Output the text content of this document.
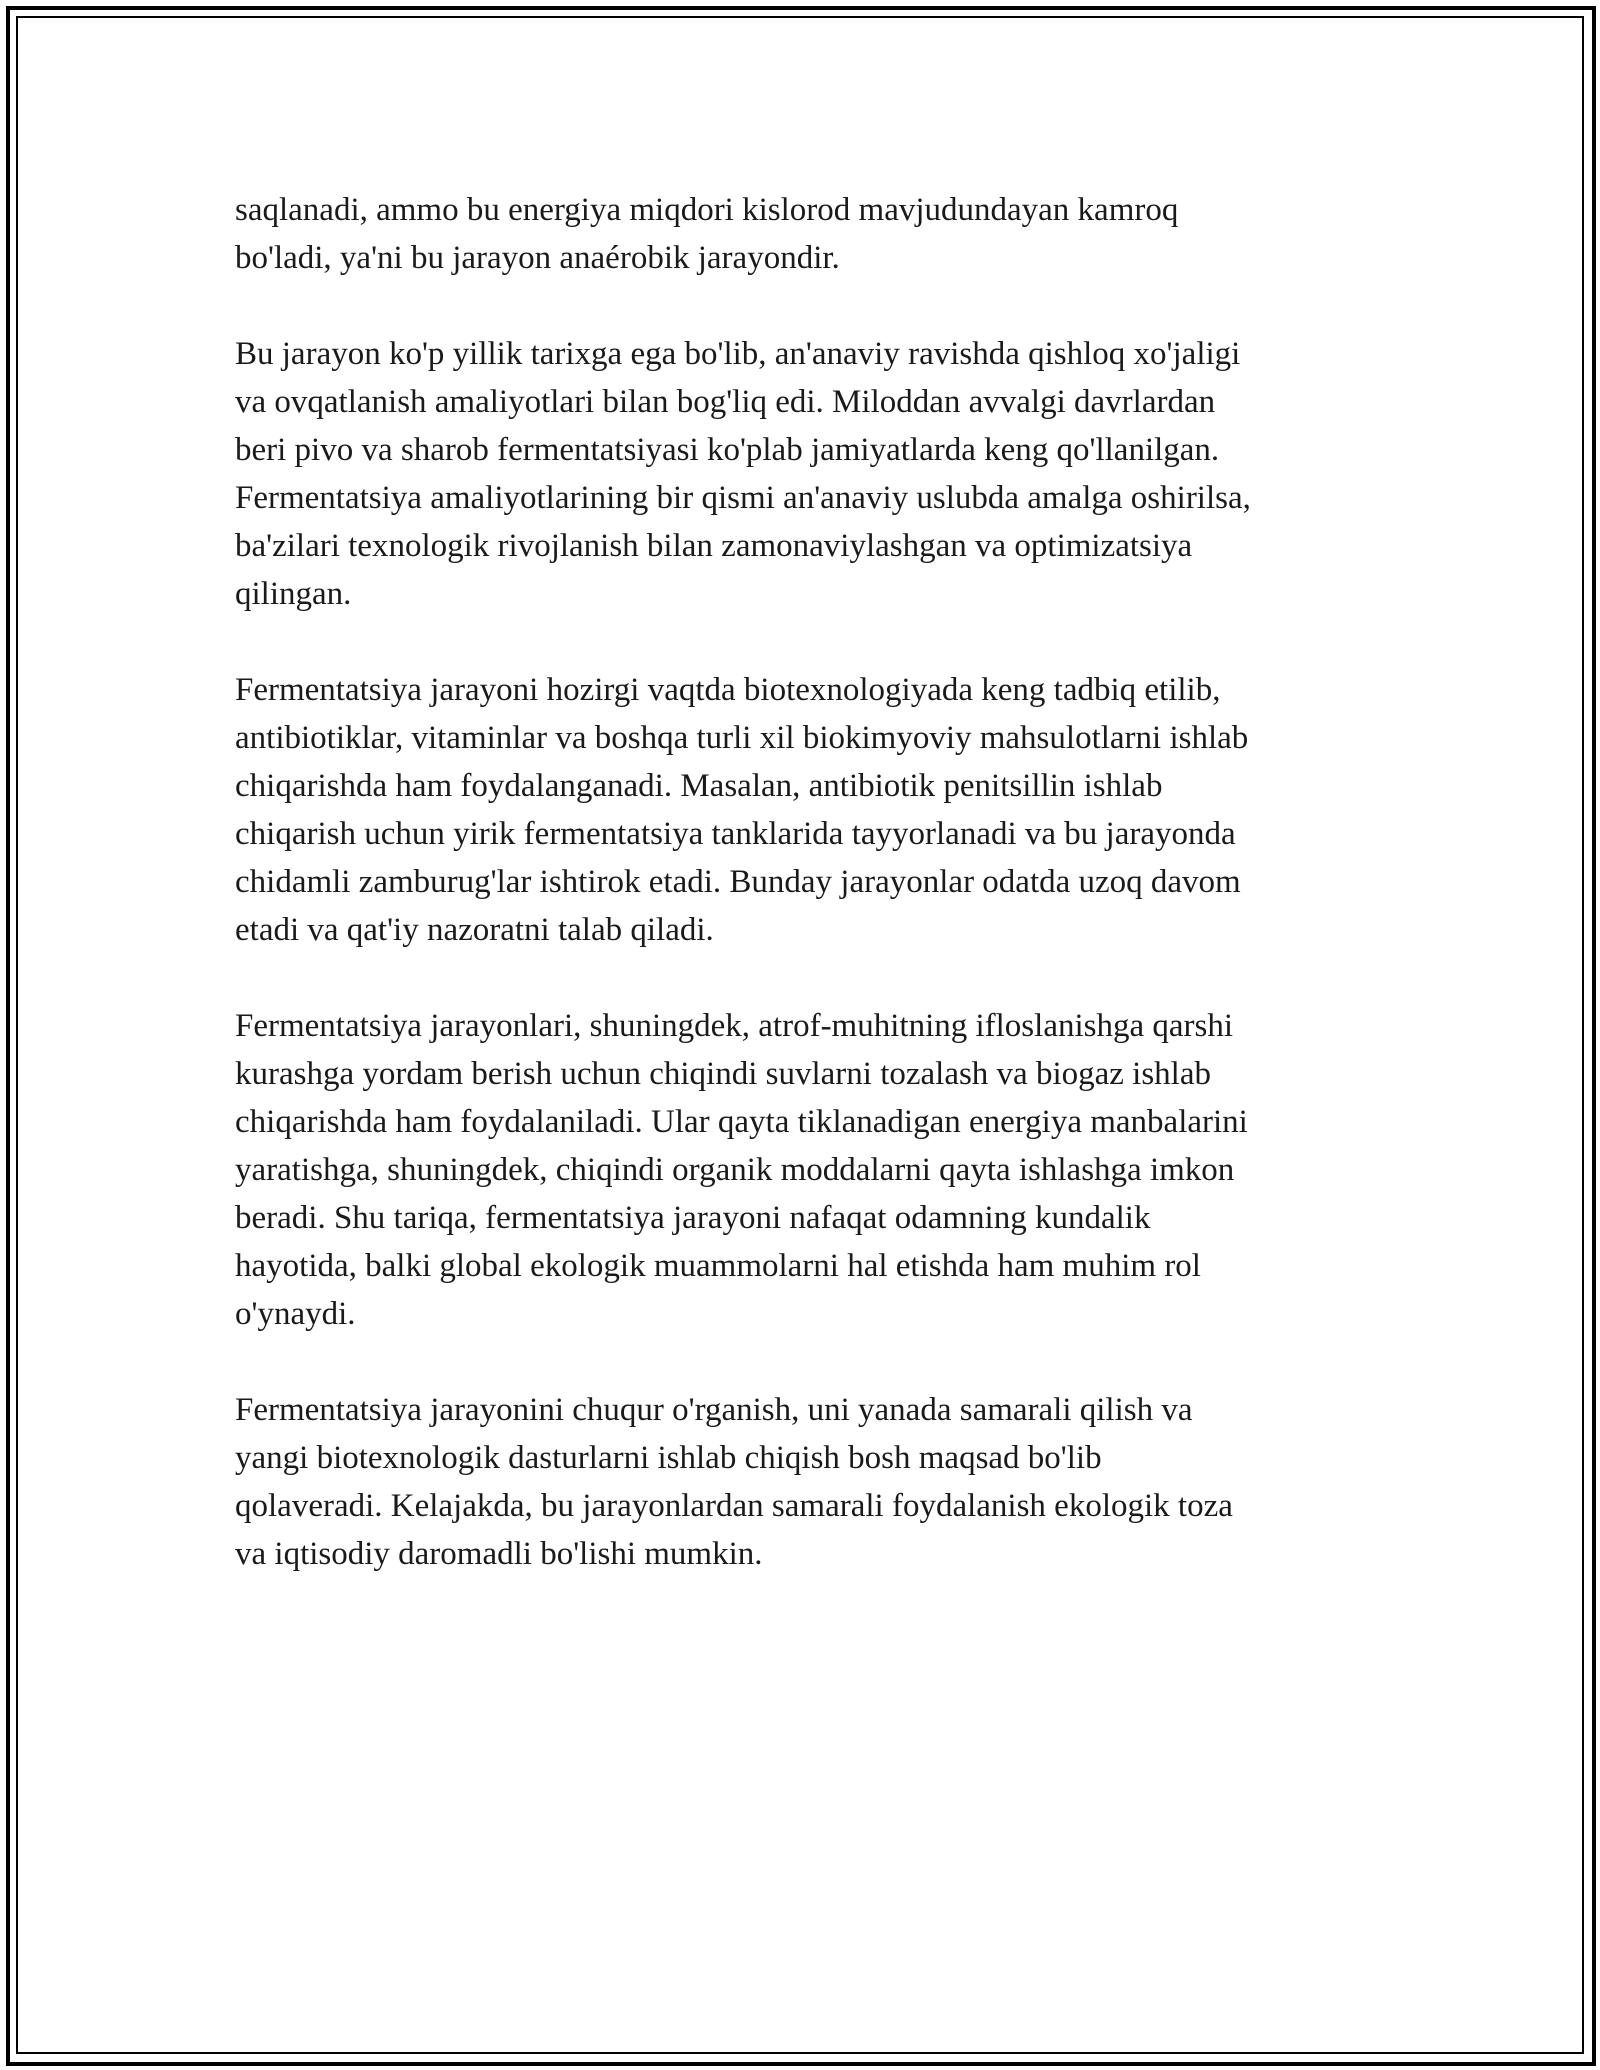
saqlanadi, ammo bu energiya miqdori kislorod mavjudundayan kamroq
bo'ladi, ya'ni bu jarayon anaérobik jarayondir.

Bu jarayon ko'p yillik tarixga ega bo'lib, an'anaviy ravishda qishloq xo'jaligi
va ovqatlanish amaliyotlari bilan bog'liq edi. Miloddan avvalgi davrlardan
beri pivo va sharob fermentatsiyasi ko'plab jamiyatlarda keng qo'llanilgan.
Fermentatsiya amaliyotlarining bir qismi an'anaviy uslubda amalga oshirilsa,
ba'zilari texnologik rivojlanish bilan zamonaviylashgan va optimizatsiya
qilingan.

Fermentatsiya jarayoni hozirgi vaqtda biotexnologiyada keng tadbiq etilib,
antibiotiklar, vitaminlar va boshqa turli xil biokimyoviy mahsulotlarni ishlab
chiqarishda ham foydalanganadi. Masalan, antibiotik penitsillin ishlab
chiqarish uchun yirik fermentatsiya tanklarida tayyorlanadi va bu jarayonda
chidamli zamburug'lar ishtirok etadi. Bunday jarayonlar odatda uzoq davom
etadi va qat'iy nazoratni talab qiladi.

Fermentatsiya jarayonlari, shuningdek, atrof-muhitning ifloslanishga qarshi
kurashga yordam berish uchun chiqindi suvlarni tozalash va biogaz ishlab
chiqarishda ham foydalaniladi. Ular qayta tiklanadigan energiya manbalarini
yaratishga, shuningdek, chiqindi organik moddalarni qayta ishlashga imkon
beradi. Shu tariqa, fermentatsiya jarayoni nafaqat odamning kundalik
hayotida, balki global ekologik muammolarni hal etishda ham muhim rol
o'ynaydi.

Fermentatsiya jarayonini chuqur o'rganish, uni yanada samarali qilish va
yangi biotexnologik dasturlarni ishlab chiqish bosh maqsad bo'lib
qolaveradi. Kelajakda, bu jarayonlardan samarali foydalanish ekologik toza
va iqtisodiy daromadli bo'lishi mumkin.
